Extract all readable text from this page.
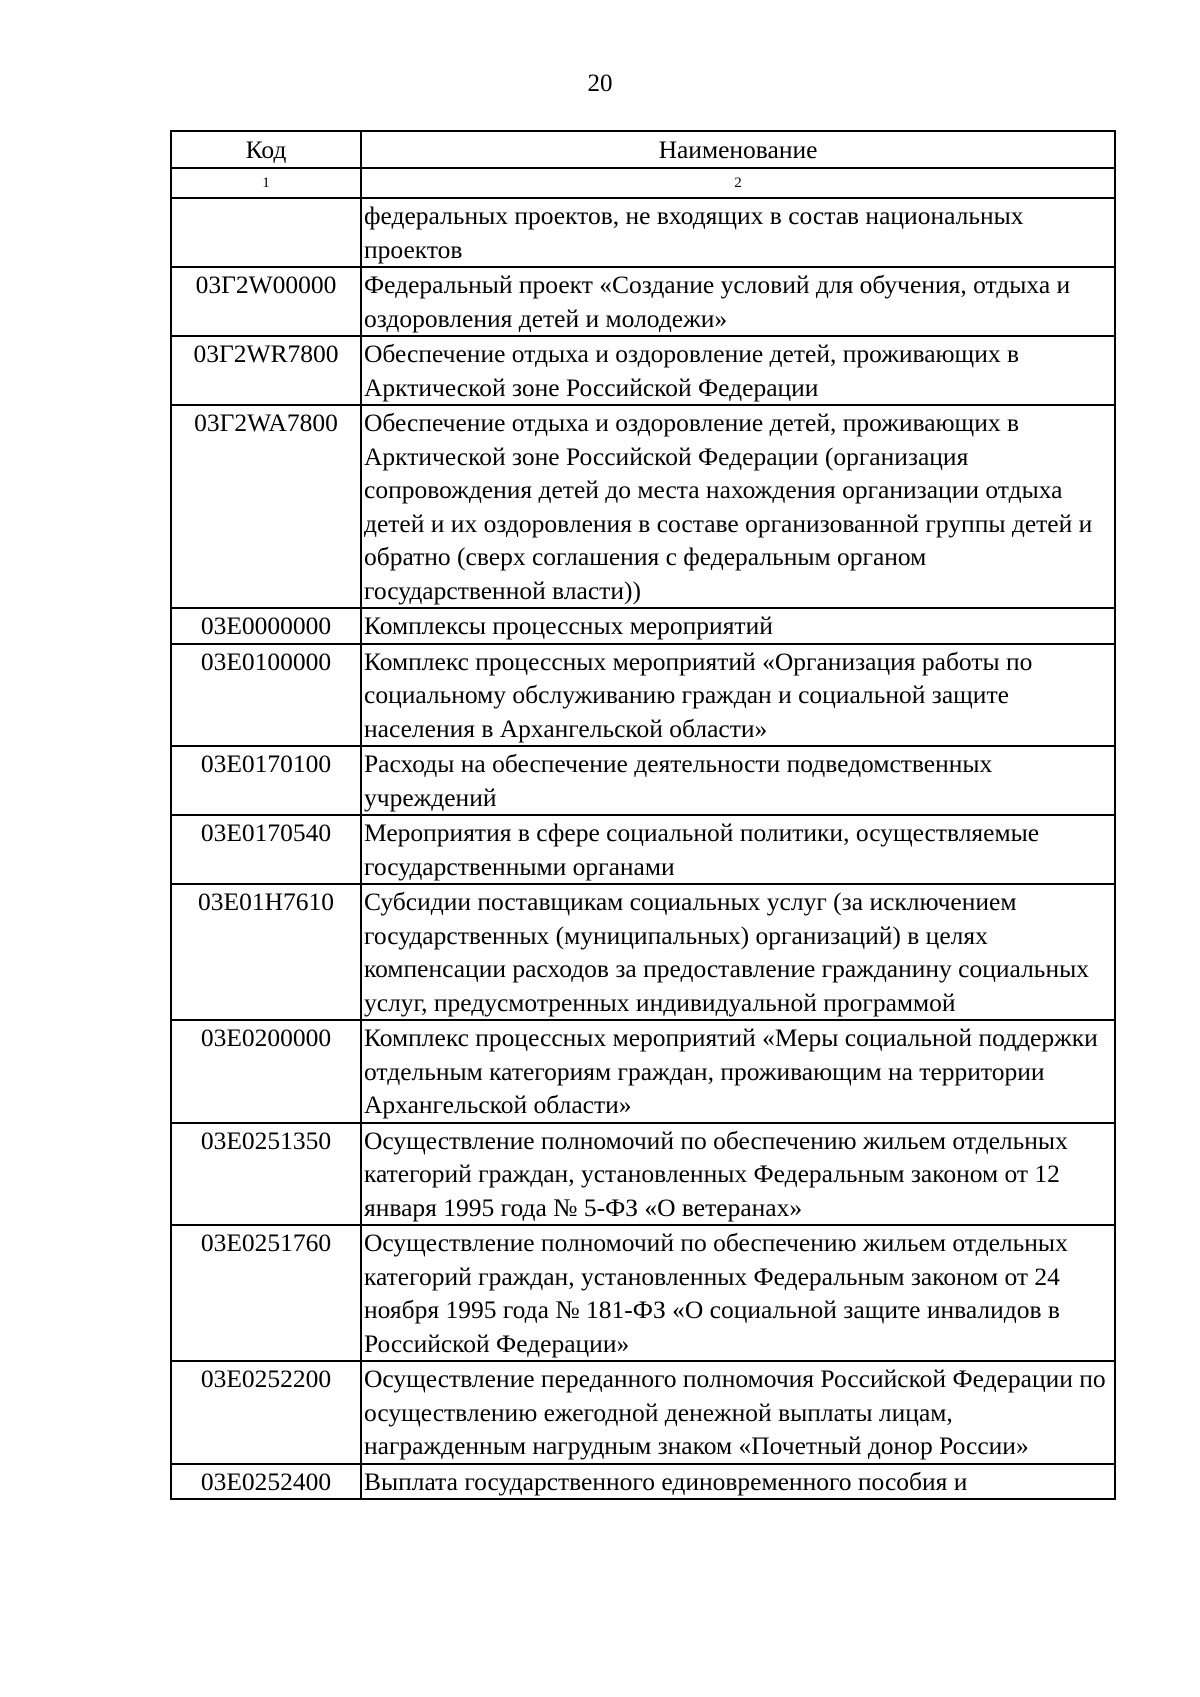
20
Код	Наименование
1	2
	федеральных проектов, не входящих в состав национальных проектов
03Г2W00000	Федеральный проект «Создание условий для обучения, отдыха и оздоровления детей и молодежи»
03Г2WR7800	Обеспечение отдыха и оздоровление детей, проживающих в Арктической зоне Российской Федерации
03Г2WA7800	Обеспечение отдыха и оздоровление детей, проживающих в Арктической зоне Российской Федерации (организация сопровождения детей до места нахождения организации отдыха детей и их оздоровления в составе организованной группы детей и обратно (сверх соглашения с федеральным органом государственной власти))
03Е0000000	Комплексы процессных мероприятий
03Е0100000	Комплекс процессных мероприятий «Организация работы по социальному обслуживанию граждан и социальной защите населения в Архангельской области»
03Е0170100	Расходы на обеспечение деятельности подведомственных учреждений
03Е0170540	Мероприятия в сфере социальной политики, осуществляемые государственными органами
03Е01Н7610	Субсидии поставщикам социальных услуг (за исключением государственных (муниципальных) организаций) в целях компенсации расходов за предоставление гражданину социальных услуг, предусмотренных индивидуальной программой
03Е0200000	Комплекс процессных мероприятий «Меры социальной поддержки отдельным категориям граждан, проживающим на территории Архангельской области»
03Е0251350	Осуществление полномочий по обеспечению жильем отдельных категорий граждан, установленных Федеральным законом от 12 января 1995 года № 5-ФЗ «О ветеранах»
03Е0251760	Осуществление полномочий по обеспечению жильем отдельных категорий граждан, установленных Федеральным законом от 24 ноября 1995 года № 181-ФЗ «О социальной защите инвалидов в Российской Федерации»
03Е0252200	Осуществление переданного полномочия Российской Федерации по осуществлению ежегодной денежной выплаты лицам, награжденным нагрудным знаком «Почетный донор России»
03Е0252400	Выплата государственного единовременного пособия и
